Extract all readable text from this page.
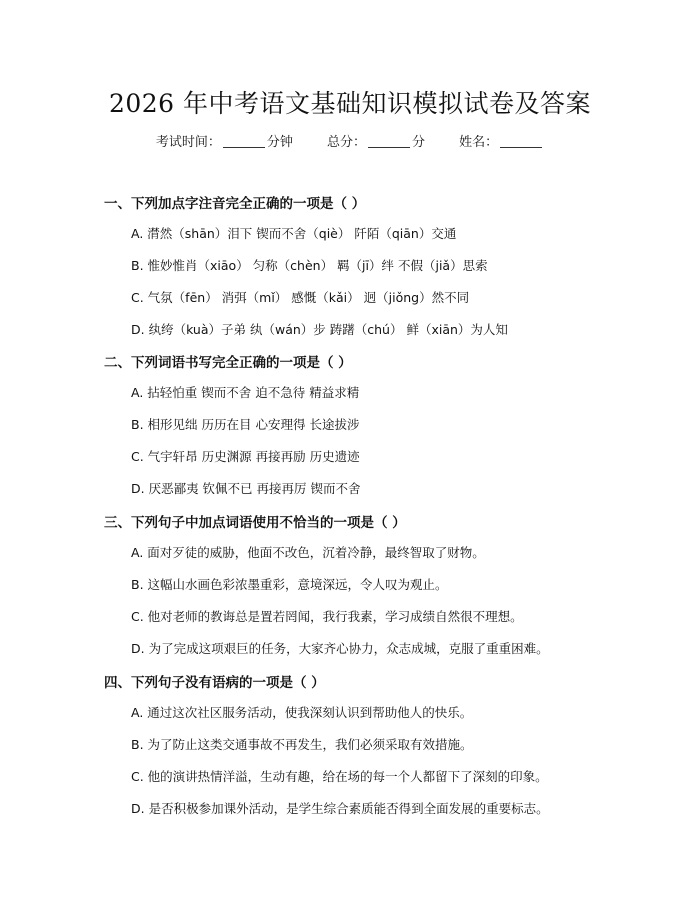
2026 年中考语文基础知识模拟试卷及答案
考试时间：	分钟	总分：	分	姓名：
一、下列加点字注音完全正确的一项是（ ）
A. 潸然（shān）泪下 锲而不舍（qiè） 阡陌（qiān）交通
B. 惟妙惟肖（xiāo） 匀称（chèn） 羁（jī）绊 不假（jiǎ）思索
C. 气氛（fēn） 消弭（mǐ） 感慨（kǎi） 迥（jiǒng）然不同
D. 纨绔（kuà）子弟 纨（wán）步 踌躇（chú） 鲜（xiān）为人知
二、下列词语书写完全正确的一项是（ ）
A. 拈轻怕重 锲而不舍 迫不急待 精益求精
B. 相形见绌 历历在目 心安理得 长途拔涉
C. 气宇轩昂 历史渊源 再接再励 历史遗迹
D. 厌恶鄙夷 钦佩不已 再接再厉 锲而不舍
三、下列句子中加点词语使用不恰当的一项是（ ）
A. 面对歹徒的威胁，他面不改色，沉着冷静，最终智取了财物。
B. 这幅山水画色彩浓墨重彩，意境深远，令人叹为观止。
C. 他对老师的教诲总是置若罔闻，我行我素，学习成绩自然很不理想。
D. 为了完成这项艰巨的任务，大家齐心协力，众志成城，克服了重重困难。
四、下列句子没有语病的一项是（ ）
A. 通过这次社区服务活动，使我深刻认识到帮助他人的快乐。
B. 为了防止这类交通事故不再发生，我们必须采取有效措施。
C. 他的演讲热情洋溢，生动有趣，给在场的每一个人都留下了深刻的印象。
D. 是否积极参加课外活动，是学生综合素质能否得到全面发展的重要标志。
